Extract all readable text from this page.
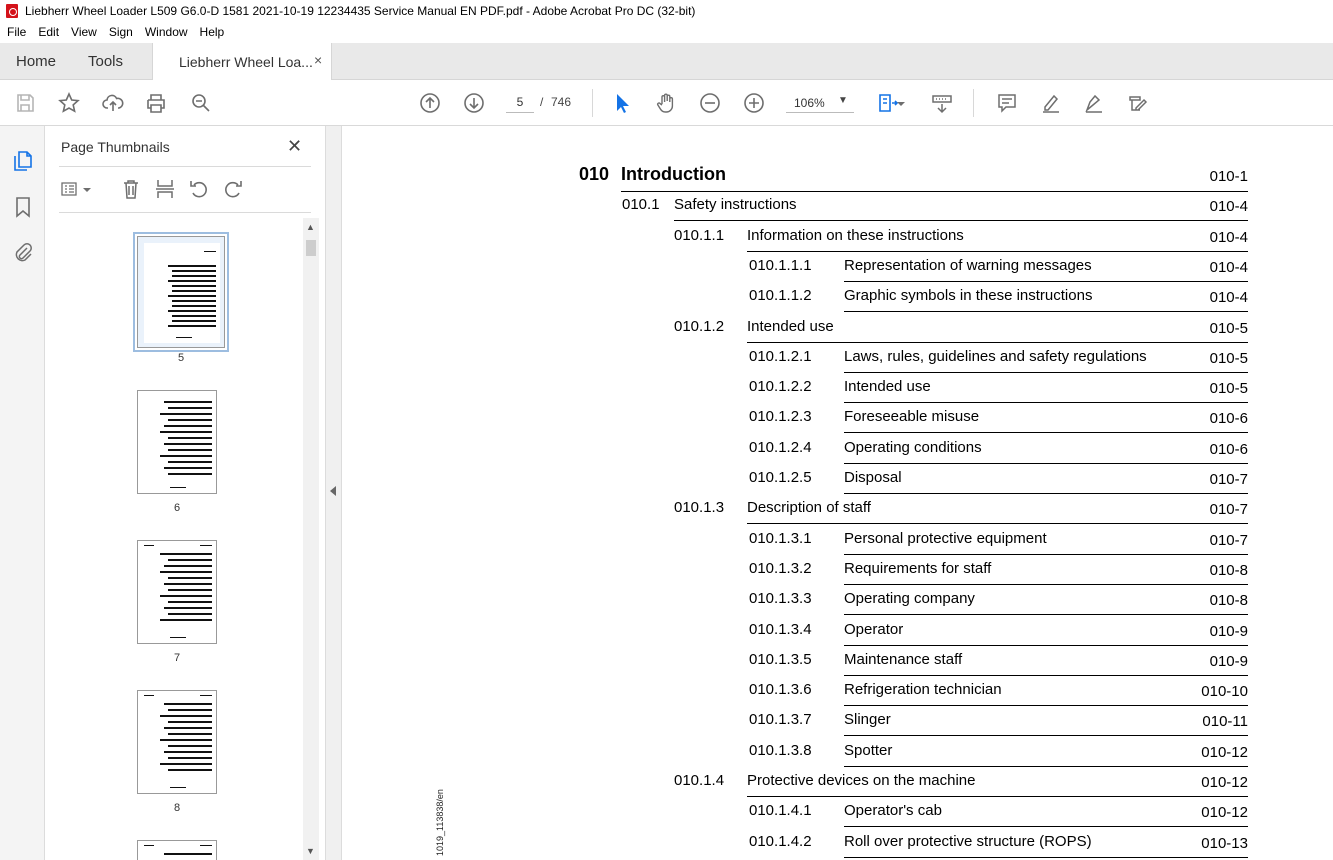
Liebherr Wheel Loader L509 G6.0-D 1581 2021-10-19 12234435 Service Manual EN PDF.pdf - Adobe Acrobat Pro DC (32-bit)
File	Edit	View	Sign	Window	Help
Home Tools	Liebherr Wheel Loa... ×
5
/ 746	106% ▼
Page Thumbnails	✕
5
6
7
8
▲
▼
010 Introduction	010-1
010.1 Safety instructions	010-4
010.1.1 Information on these instructions	010-4
010.1.1.1 Representation of warning messages	010-4
010.1.1.2 Graphic symbols in these instructions	010-4
010.1.2 Intended use	010-5
010.1.2.1 Laws, rules, guidelines and safety regulations	010-5
010.1.2.2 Intended use	010-5
010.1.2.3 Foreseeable misuse	010-6
010.1.2.4 Operating conditions	010-6
010.1.2.5 Disposal	010-7
010.1.3 Description of staff	010-7
010.1.3.1 Personal protective equipment	010-7
010.1.3.2 Requirements for staff	010-8
010.1.3.3 Operating company	010-8
010.1.3.4 Operator	010-9
010.1.3.5 Maintenance staff	010-9
010.1.3.6 Refrigeration technician	010-10
010.1.3.7 Slinger	010-11
010.1.3.8 Spotter	010-12
010.1.4 Protective devices on the machine	010-12
010.1.4.1 Operator's cab	010-12
010.1.4.2 Roll over protective structure (ROPS)	010-13
1019_113838/en
